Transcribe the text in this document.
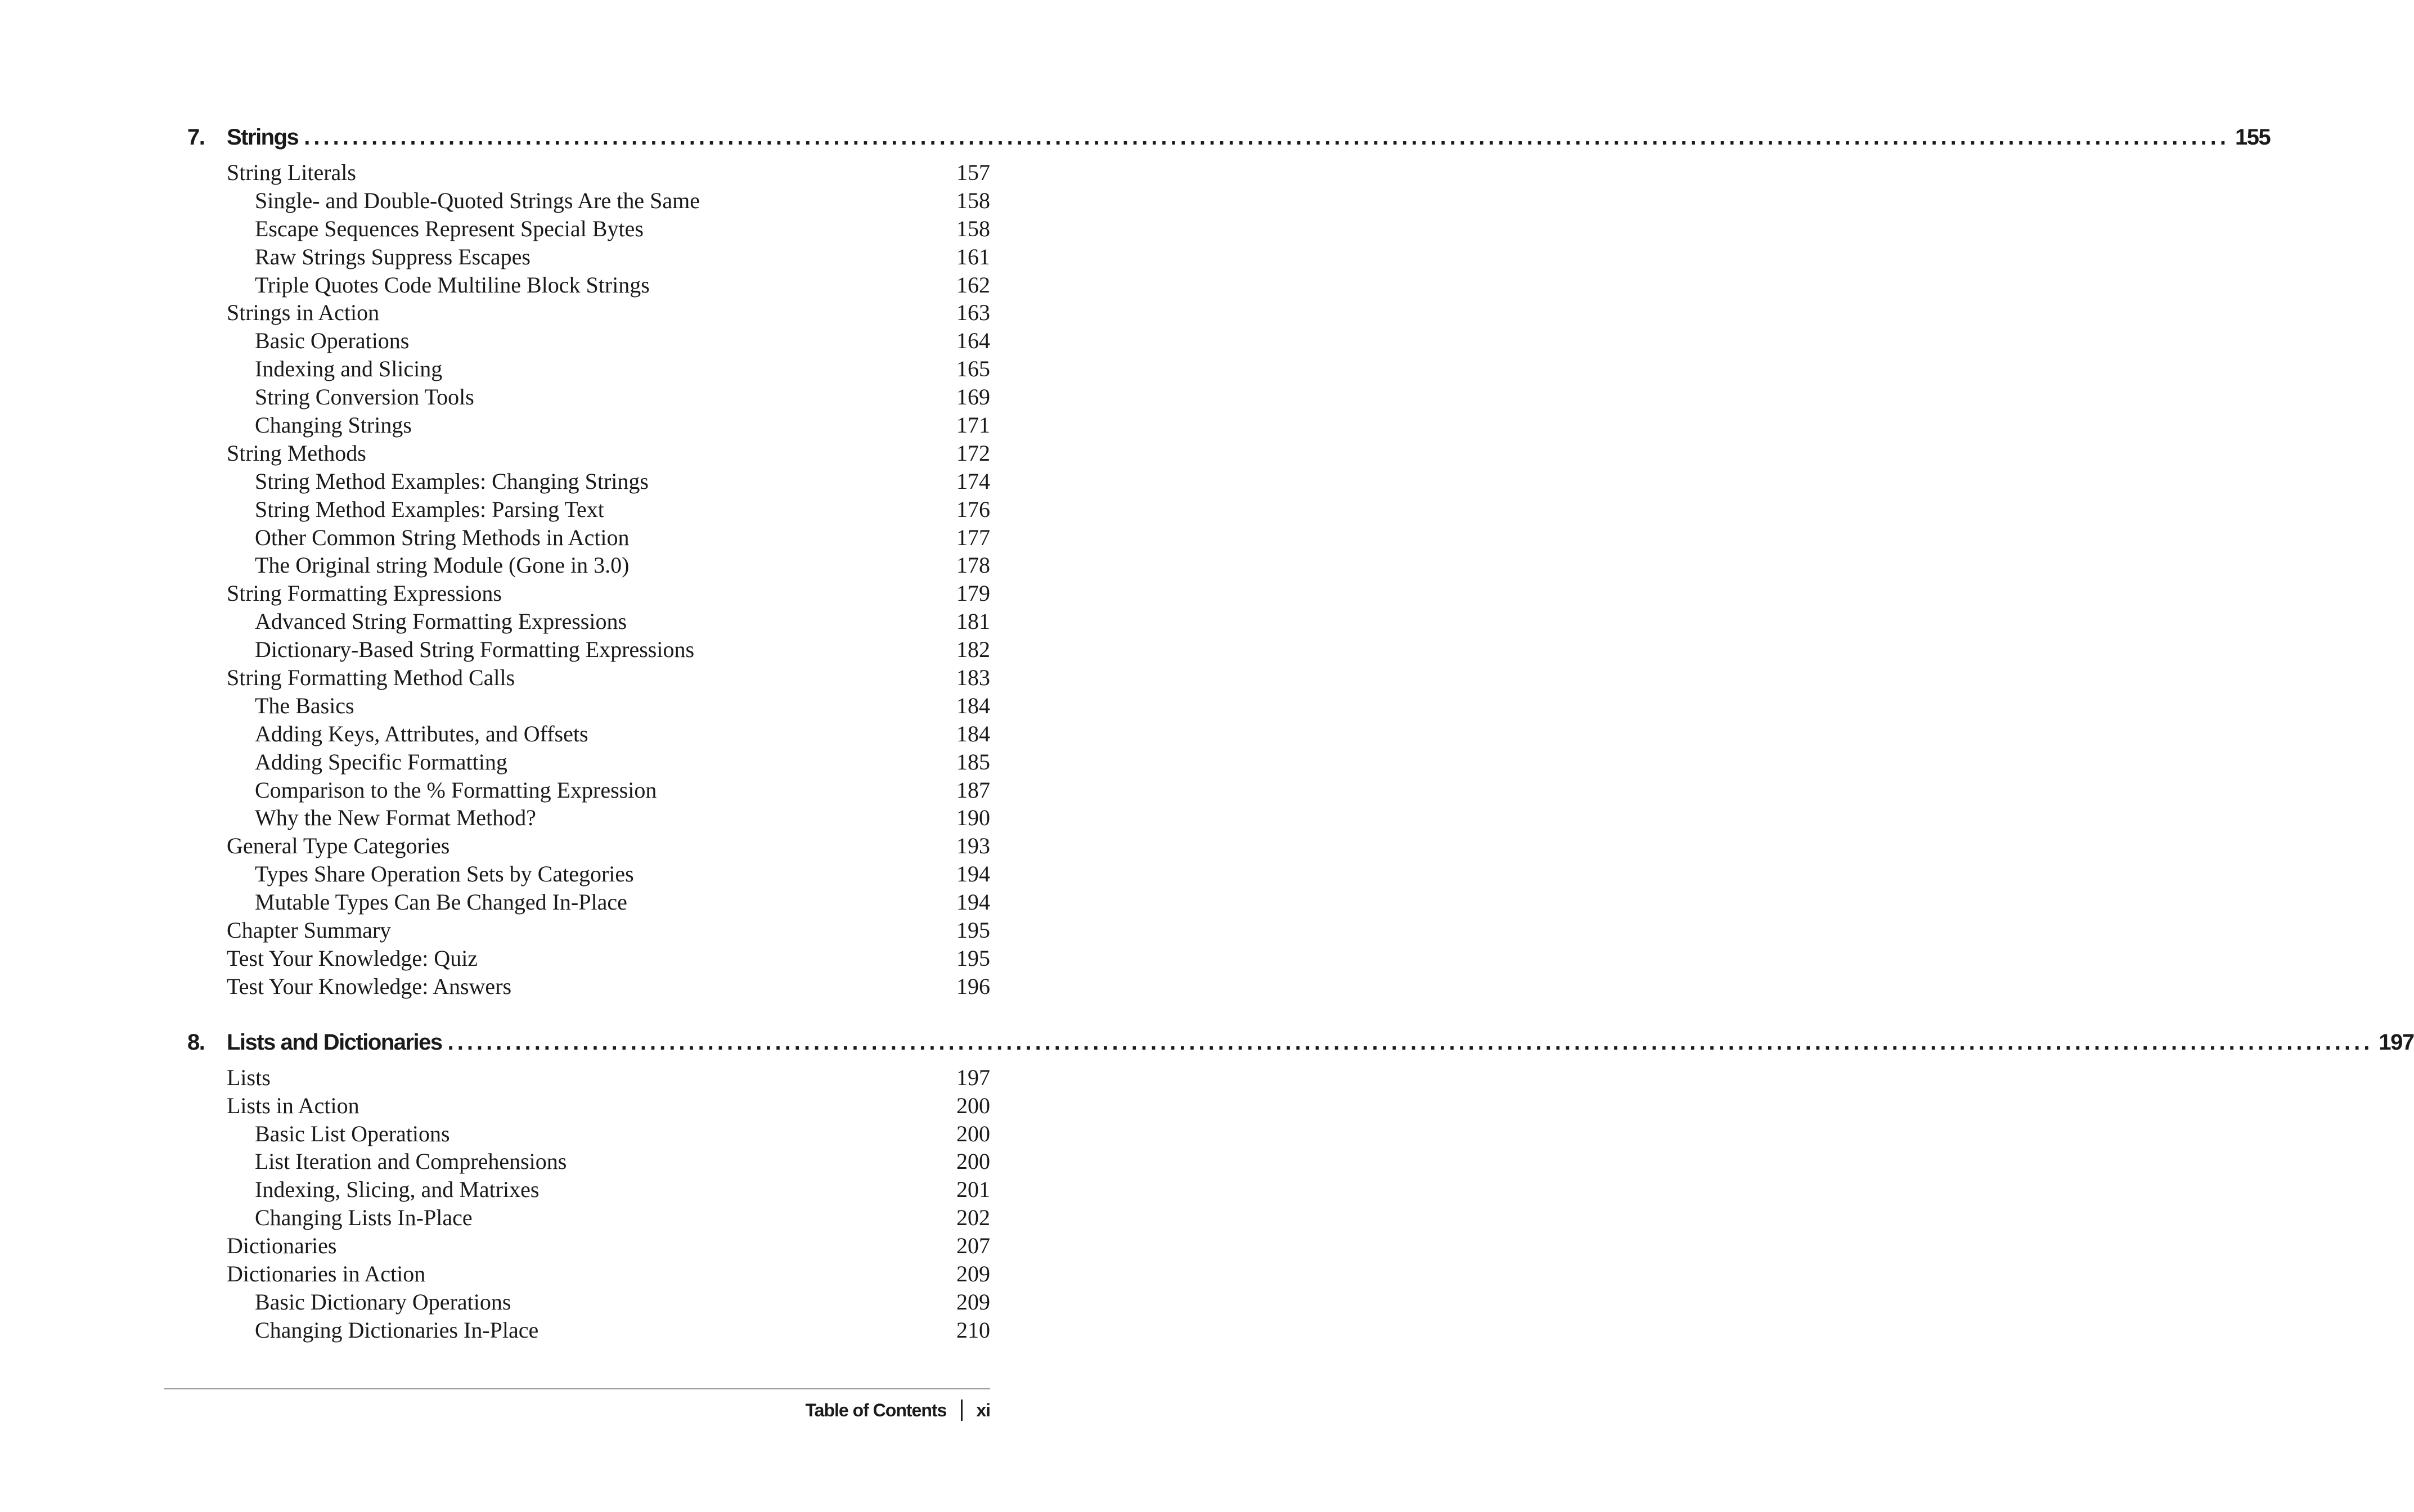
7. Strings ........................................................................................................................................................................................................ 155
String Literals	157
Single- and Double-Quoted Strings Are the Same	158
Escape Sequences Represent Special Bytes	158
Raw Strings Suppress Escapes	161
Triple Quotes Code Multiline Block Strings	162
Strings in Action	163
Basic Operations	164
Indexing and Slicing	165
String Conversion Tools	169
Changing Strings	171
String Methods	172
String Method Examples: Changing Strings	174
String Method Examples: Parsing Text	176
Other Common String Methods in Action	177
The Original string Module (Gone in 3.0)	178
String Formatting Expressions	179
Advanced String Formatting Expressions	181
Dictionary-Based String Formatting Expressions	182
String Formatting Method Calls	183
The Basics	184
Adding Keys, Attributes, and Offsets	184
Adding Specific Formatting	185
Comparison to the % Formatting Expression	187
Why the New Format Method?	190
General Type Categories	193
Types Share Operation Sets by Categories	194
Mutable Types Can Be Changed In-Place	194
Chapter Summary	195
Test Your Knowledge: Quiz	195
Test Your Knowledge: Answers	196
8. Lists and Dictionaries ........................................................................................................................................................................................................ 197
Lists	197
Lists in Action	200
Basic List Operations	200
List Iteration and Comprehensions	200
Indexing, Slicing, and Matrixes	201
Changing Lists In-Place	202
Dictionaries	207
Dictionaries in Action	209
Basic Dictionary Operations	209
Changing Dictionaries In-Place	210
Table of Contents xi
